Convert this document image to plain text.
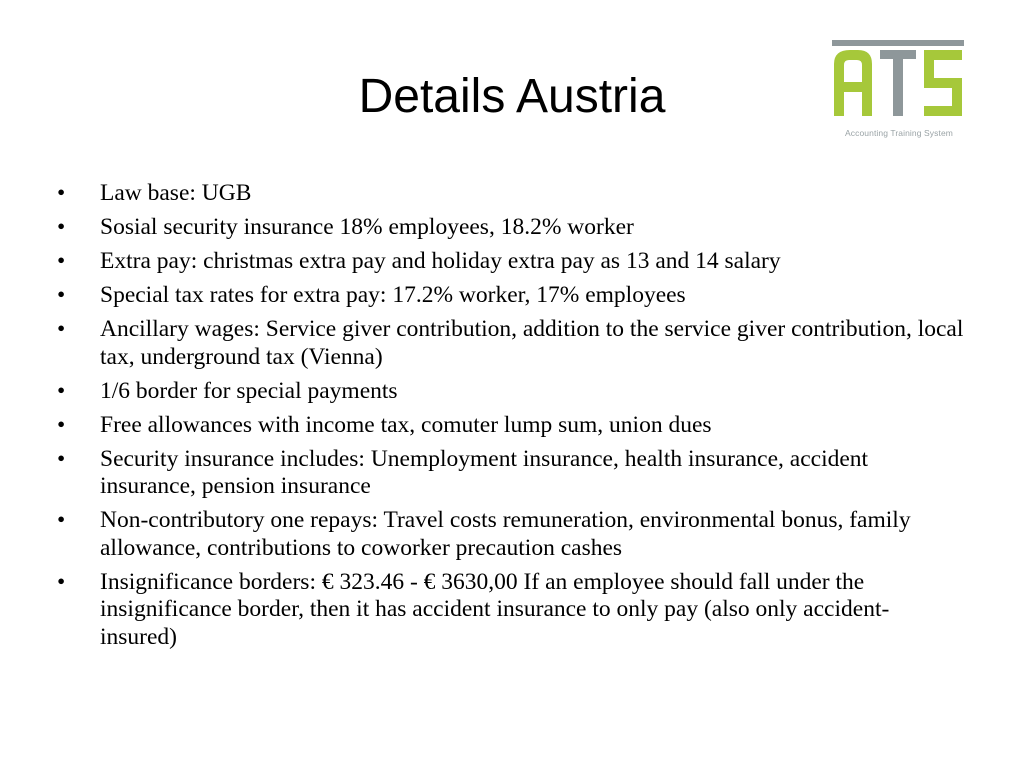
Details Austria
Accounting Training System
• Law base: UGB
• Sosial security insurance 18% employees, 18.2% worker
• Extra pay: christmas extra pay and holiday extra pay as 13 and 14 salary
• Special tax rates for extra pay: 17.2% worker, 17% employees
• Ancillary wages: Service giver contribution, addition to the service giver contribution, local tax, underground tax (Vienna)
• 1/6 border for special payments
• Free allowances with income tax, comuter lump sum, union dues
• Security insurance includes: Unemployment insurance, health insurance, accident insurance, pension insurance
• Non-contributory one repays: Travel costs remuneration, environmental bonus, family allowance, contributions to coworker precaution cashes
• Insignificance borders: € 323.46 - € 3630,00 If an employee should fall under the insignificance border, then it has accident insurance to only pay (also only accident-insured)
